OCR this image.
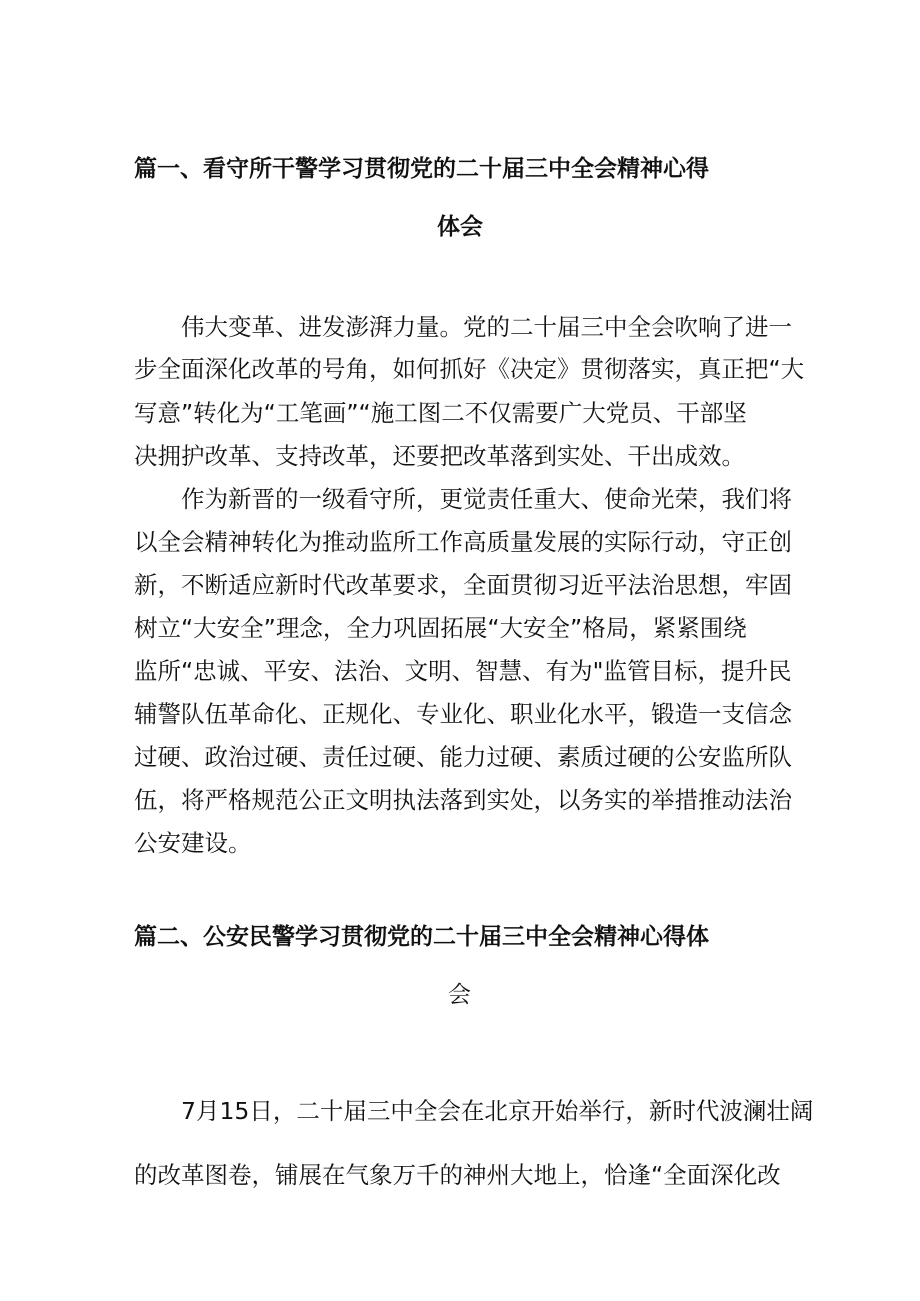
篇一、看守所干警学习贯彻党的二十届三中全会精神心得
体会
伟大变革、进发澎湃力量。党的二十届三中全会吹响了进一
步全面深化改革的号角，如何抓好《决定》贯彻落实，真正把“大
写意”转化为“工笔画”“施工图二不仅需要广大党员、干部坚
决拥护改革、支持改革，还要把改革落到实处、干出成效。
作为新晋的一级看守所，更觉责任重大、使命光荣，我们将
以全会精神转化为推动监所工作高质量发展的实际行动，守正创
新，不断适应新时代改革要求，全面贯彻习近平法治思想，牢固
树立“大安全”理念，全力巩固拓展“大安全”格局，紧紧围绕
监所“忠诚、平安、法治、文明、智慧、有为"监管目标，提升民
辅警队伍革命化、正规化、专业化、职业化水平，锻造一支信念
过硬、政治过硬、责任过硬、能力过硬、素质过硬的公安监所队
伍，将严格规范公正文明执法落到实处，以务实的举措推动法治
公安建设。
篇二、公安民警学习贯彻党的二十届三中全会精神心得体
会
7月15日，二十届三中全会在北京开始举行，新时代波澜壮阔
的改革图卷，铺展在气象万千的神州大地上，恰逢“全面深化改
